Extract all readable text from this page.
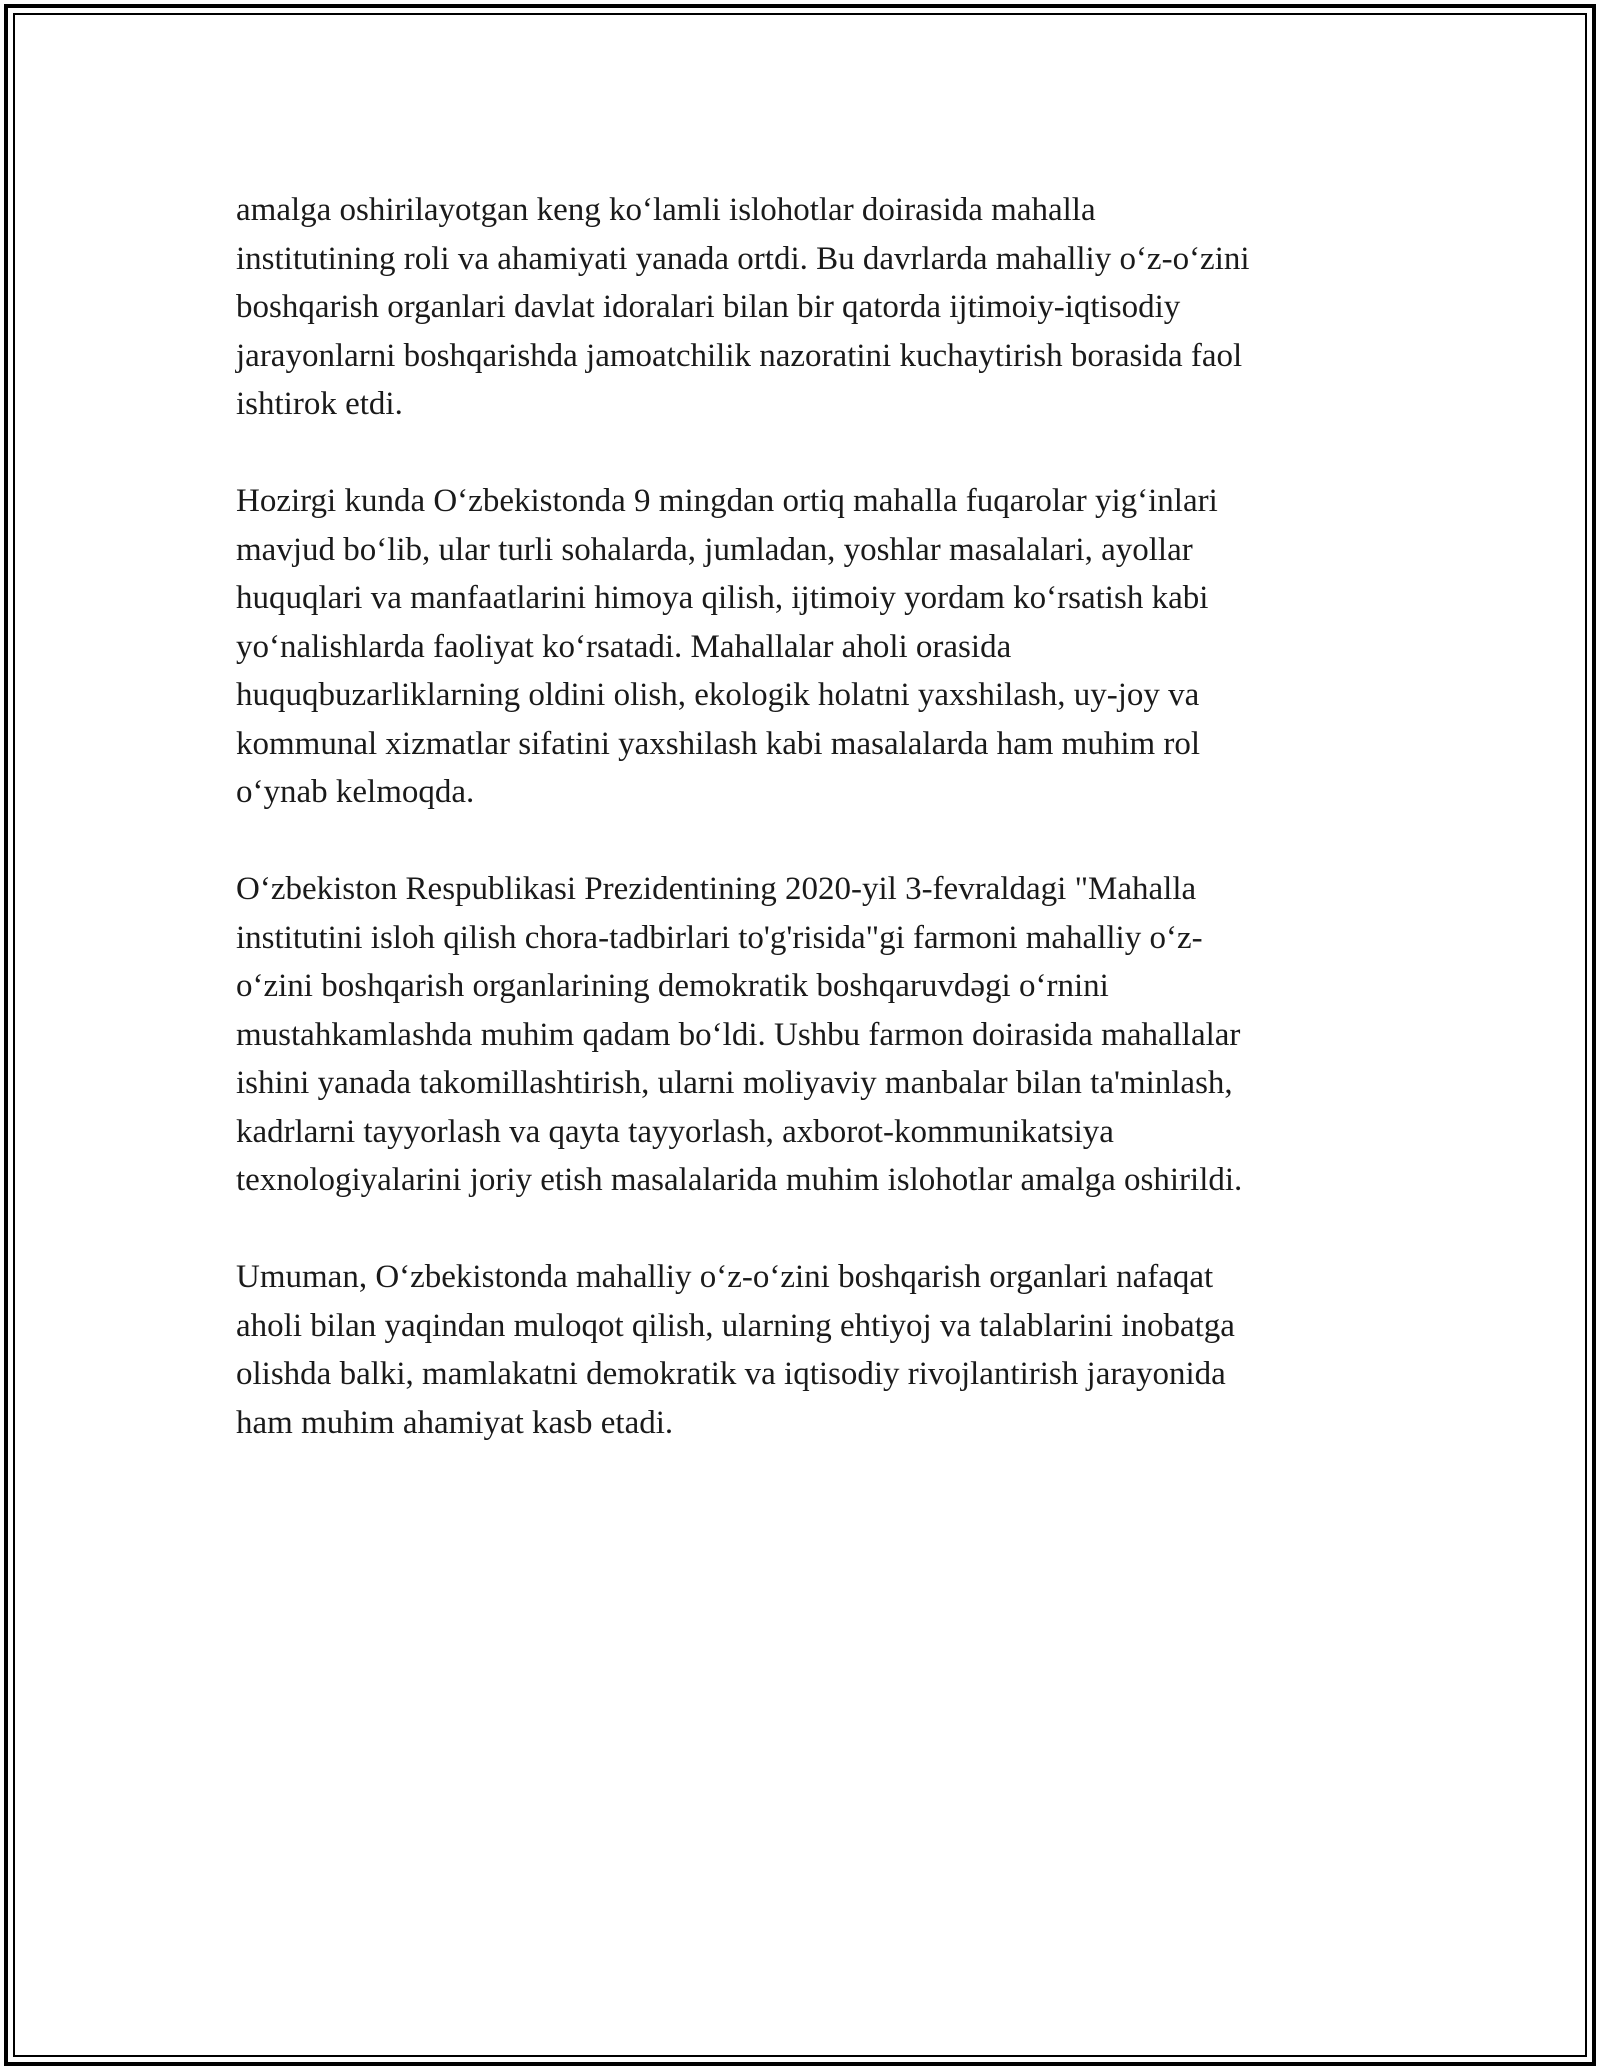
amalga oshirilayotgan keng ko‘lamli islohotlar doirasida mahalla
institutining roli va ahamiyati yanada ortdi. Bu davrlarda mahalliy o‘z-o‘zini
boshqarish organlari davlat idoralari bilan bir qatorda ijtimoiy-iqtisodiy
jarayonlarni boshqarishda jamoatchilik nazoratini kuchaytirish borasida faol
ishtirok etdi.

Hozirgi kunda O‘zbekistonda 9 mingdan ortiq mahalla fuqarolar yig‘inlari
mavjud bo‘lib, ular turli sohalarda, jumladan, yoshlar masalalari, ayollar
huquqlari va manfaatlarini himoya qilish, ijtimoiy yordam ko‘rsatish kabi
yo‘nalishlarda faoliyat ko‘rsatadi. Mahallalar aholi orasida
huquqbuzarliklarning oldini olish, ekologik holatni yaxshilash, uy-joy va
kommunal xizmatlar sifatini yaxshilash kabi masalalarda ham muhim rol
o‘ynab kelmoqda.

O‘zbekiston Respublikasi Prezidentining 2020-yil 3-fevraldagi "Mahalla
institutini isloh qilish chora-tadbirlari to'g'risida"gi farmoni mahalliy o‘z-
o‘zini boshqarish organlarining demokratik boshqaruvdəgi o‘rnini
mustahkamlashda muhim qadam bo‘ldi. Ushbu farmon doirasida mahallalar
ishini yanada takomillashtirish, ularni moliyaviy manbalar bilan ta'minlash,
kadrlarni tayyorlash va qayta tayyorlash, axborot-kommunikatsiya
texnologiyalarini joriy etish masalalarida muhim islohotlar amalga oshirildi.

Umuman, O‘zbekistonda mahalliy o‘z-o‘zini boshqarish organlari nafaqat
aholi bilan yaqindan muloqot qilish, ularning ehtiyoj va talablarini inobatga
olishda balki, mamlakatni demokratik va iqtisodiy rivojlantirish jarayonida
ham muhim ahamiyat kasb etadi.
